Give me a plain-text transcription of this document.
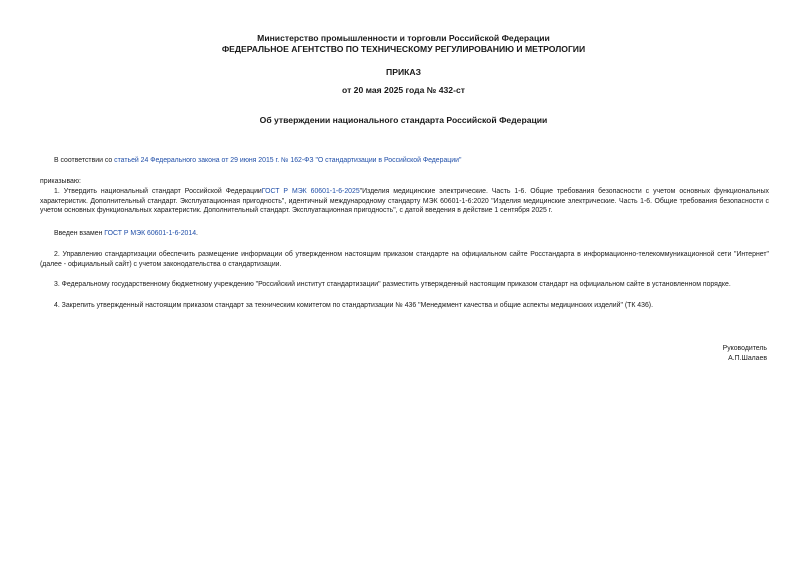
Министерство промышленности и торговли Российской Федерации
ФЕДЕРАЛЬНОЕ АГЕНТСТВО ПО ТЕХНИЧЕСКОМУ РЕГУЛИРОВАНИЮ И МЕТРОЛОГИИ
ПРИКАЗ
от 20 мая 2025 года № 432-ст
Об утверждении национального стандарта Российской Федерации
В соответствии со статьей 24 Федерального закона от 29 июня 2015 г. № 162-ФЗ "О стандартизации в Российской Федерации"
приказываю:
1. Утвердить национальный стандарт Российской ФедерацииГОСТ Р МЭК 60601-1-6-2025"Изделия медицинские электрические. Часть 1-6. Общие требования безопасности с учетом основных функциональных характеристик. Дополнительный стандарт. Эксплуатационная пригодность", идентичный международному стандарту МЭК 60601-1-6:2020 "Изделия медицинские электрические. Часть 1-6. Общие требования безопасности с учетом основных функциональных характеристик. Дополнительный стандарт. Эксплуатационная пригодность", с датой введения в действие 1 сентября 2025 г.
Введен взамен ГОСТ Р МЭК 60601-1-6-2014.
2. Управлению стандартизации обеспечить размещение информации об утвержденном настоящим приказом стандарте на официальном сайте Росстандарта в информационно-телекоммуникационной сети "Интернет" (далее - официальный сайт) с учетом законодательства о стандартизации.
3. Федеральному государственному бюджетному учреждению "Российский институт стандартизации" разместить утвержденный настоящим приказом стандарт на официальном сайте в установленном порядке.
4. Закрепить утвержденный настоящим приказом стандарт за техническим комитетом по стандартизации № 436 "Менеджмент качества и общие аспекты медицинских изделий" (ТК 436).
Руководитель
А.П.Шалаев
